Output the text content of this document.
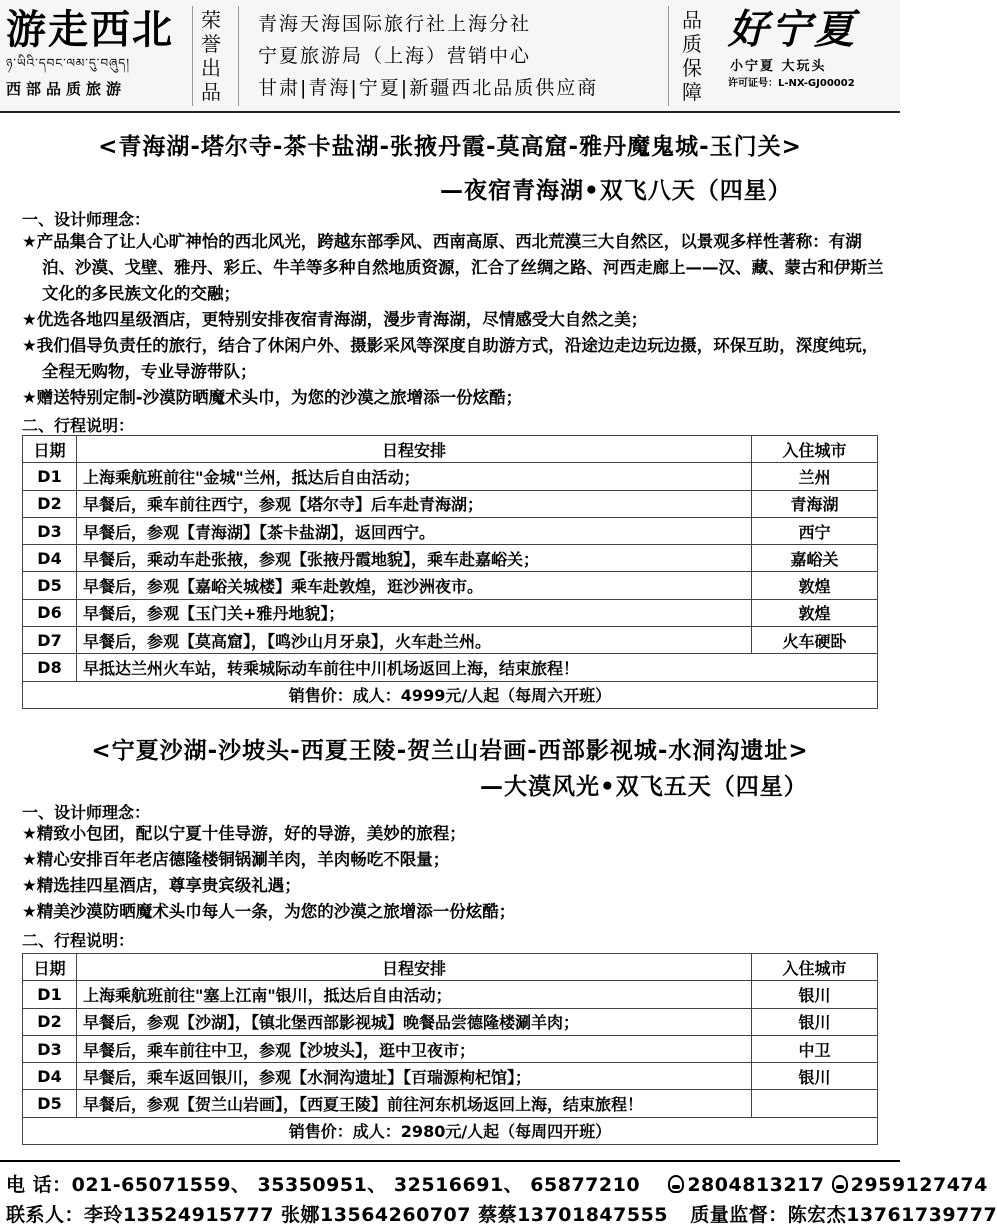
游走西北
ཉ་ཡིའི་དབང་ལམ་དུ་བཞུད།
西部品质旅游
荣
誉
出
品
青海天海国际旅行社上海分社
宁夏旅游局（上海）营销中心
甘肃|青海|宁夏|新疆西北品质供应商
品
质
保
障
好宁夏
小宁夏 大玩头
许可证号：L-NX-GJ00002
<青海湖-塔尔寺-茶卡盐湖-张掖丹霞-莫高窟-雅丹魔鬼城-玉门关>
—夜宿青海湖•双飞八天（四星）
一、设计师理念：
★产品集合了让人心旷神怡的西北风光，跨越东部季风、西南高原、西北荒漠三大自然区，以景观多样性著称：有湖泊、沙漠、戈壁、雅丹、彩丘、牛羊等多种自然地质资源，汇合了丝绸之路、河西走廊上——汉、藏、蒙古和伊斯兰文化的多民族文化的交融；
★优选各地四星级酒店，更特别安排夜宿青海湖，漫步青海湖，尽情感受大自然之美；
★我们倡导负责任的旅行，结合了休闲户外、摄影采风等深度自助游方式，沿途边走边玩边摄，环保互助，深度纯玩，全程无购物，专业导游带队；
★赠送特别定制-沙漠防晒魔术头巾，为您的沙漠之旅增添一份炫酷；
二、行程说明：
日期	日程安排	入住城市
D1	上海乘航班前往"金城"兰州，抵达后自由活动；	兰州
D2	早餐后，乘车前往西宁，参观【塔尔寺】后车赴青海湖；	青海湖
D3	早餐后，参观【青海湖】【茶卡盐湖】，返回西宁。	西宁
D4	早餐后，乘动车赴张掖，参观【张掖丹霞地貌】，乘车赴嘉峪关；	嘉峪关
D5	早餐后，参观【嘉峪关城楼】乘车赴敦煌，逛沙洲夜市。	敦煌
D6	早餐后，参观【玉门关+雅丹地貌】；	敦煌
D7	早餐后，参观【莫高窟】，【鸣沙山月牙泉】，火车赴兰州。	火车硬卧
D8	早抵达兰州火车站，转乘城际动车前往中川机场返回上海，结束旅程！	
销售价：成人：4999元/人起（每周六开班）		
<宁夏沙湖-沙坡头-西夏王陵-贺兰山岩画-西部影视城-水洞沟遗址>
—大漠风光•双飞五天（四星）
一、设计师理念：
★精致小包团，配以宁夏十佳导游，好的导游，美妙的旅程；
★精心安排百年老店德隆楼铜锅涮羊肉，羊肉畅吃不限量；
★精选挂四星酒店，尊享贵宾级礼遇；
★精美沙漠防晒魔术头巾每人一条，为您的沙漠之旅增添一份炫酷；
二、行程说明：
日期	日程安排	入住城市
D1	上海乘航班前往"塞上江南"银川，抵达后自由活动；	银川
D2	早餐后，参观【沙湖】，【镇北堡西部影视城】晚餐品尝德隆楼涮羊肉；	银川
D3	早餐后，乘车前往中卫，参观【沙坡头】，逛中卫夜市；	中卫
D4	早餐后，乘车返回银川，参观【水洞沟遗址】【百瑞源枸杞馆】；	银川
D5	早餐后，参观【贺兰山岩画】，【西夏王陵】前往河东机场返回上海，结束旅程！	
销售价：成人：2980元/人起（每周四开班）		
电 话：021-65071559、 35350951、 32516691、 65877210 2804813217 2959127474
联系人：李玲13524915777 张娜13564260707 蔡蔡13701847555 质量监督：陈宏杰13761739777
